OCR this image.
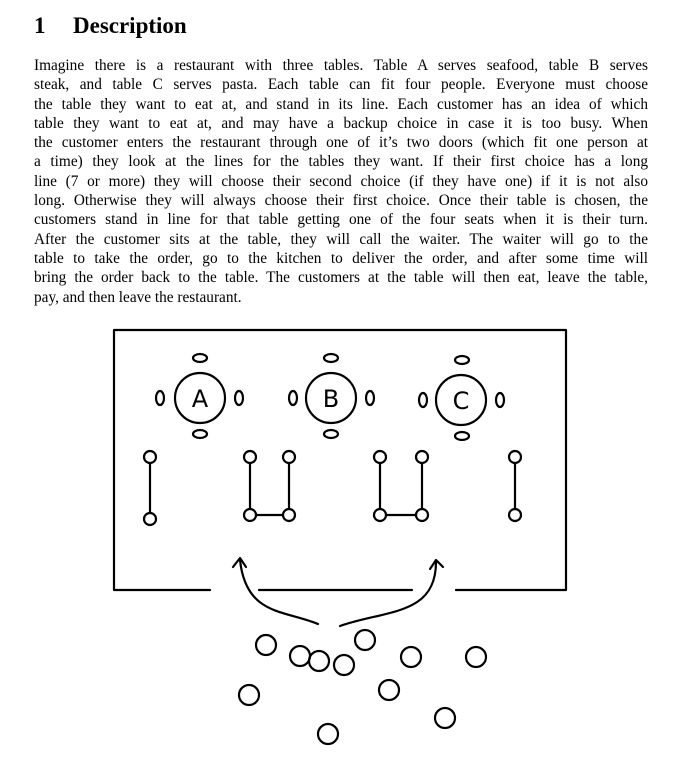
1 Description
Imagine there is a restaurant with three tables. Table A serves seafood, table B serves
steak, and table C serves pasta. Each table can fit four people. Everyone must choose
the table they want to eat at, and stand in its line. Each customer has an idea of which
table they want to eat at, and may have a backup choice in case it is too busy. When
the customer enters the restaurant through one of it’s two doors (which fit one person at
a time) they look at the lines for the tables they want. If their first choice has a long
line (7 or more) they will choose their second choice (if they have one) if it is not also
long. Otherwise they will always choose their first choice. Once their table is chosen, the
customers stand in line for that table getting one of the four seats when it is their turn.
After the customer sits at the table, they will call the waiter. The waiter will go to the
table to take the order, go to the kitchen to deliver the order, and after some time will
bring the order back to the table. The customers at the table will then eat, leave the table,
pay, and then leave the restaurant.
A	B	C
